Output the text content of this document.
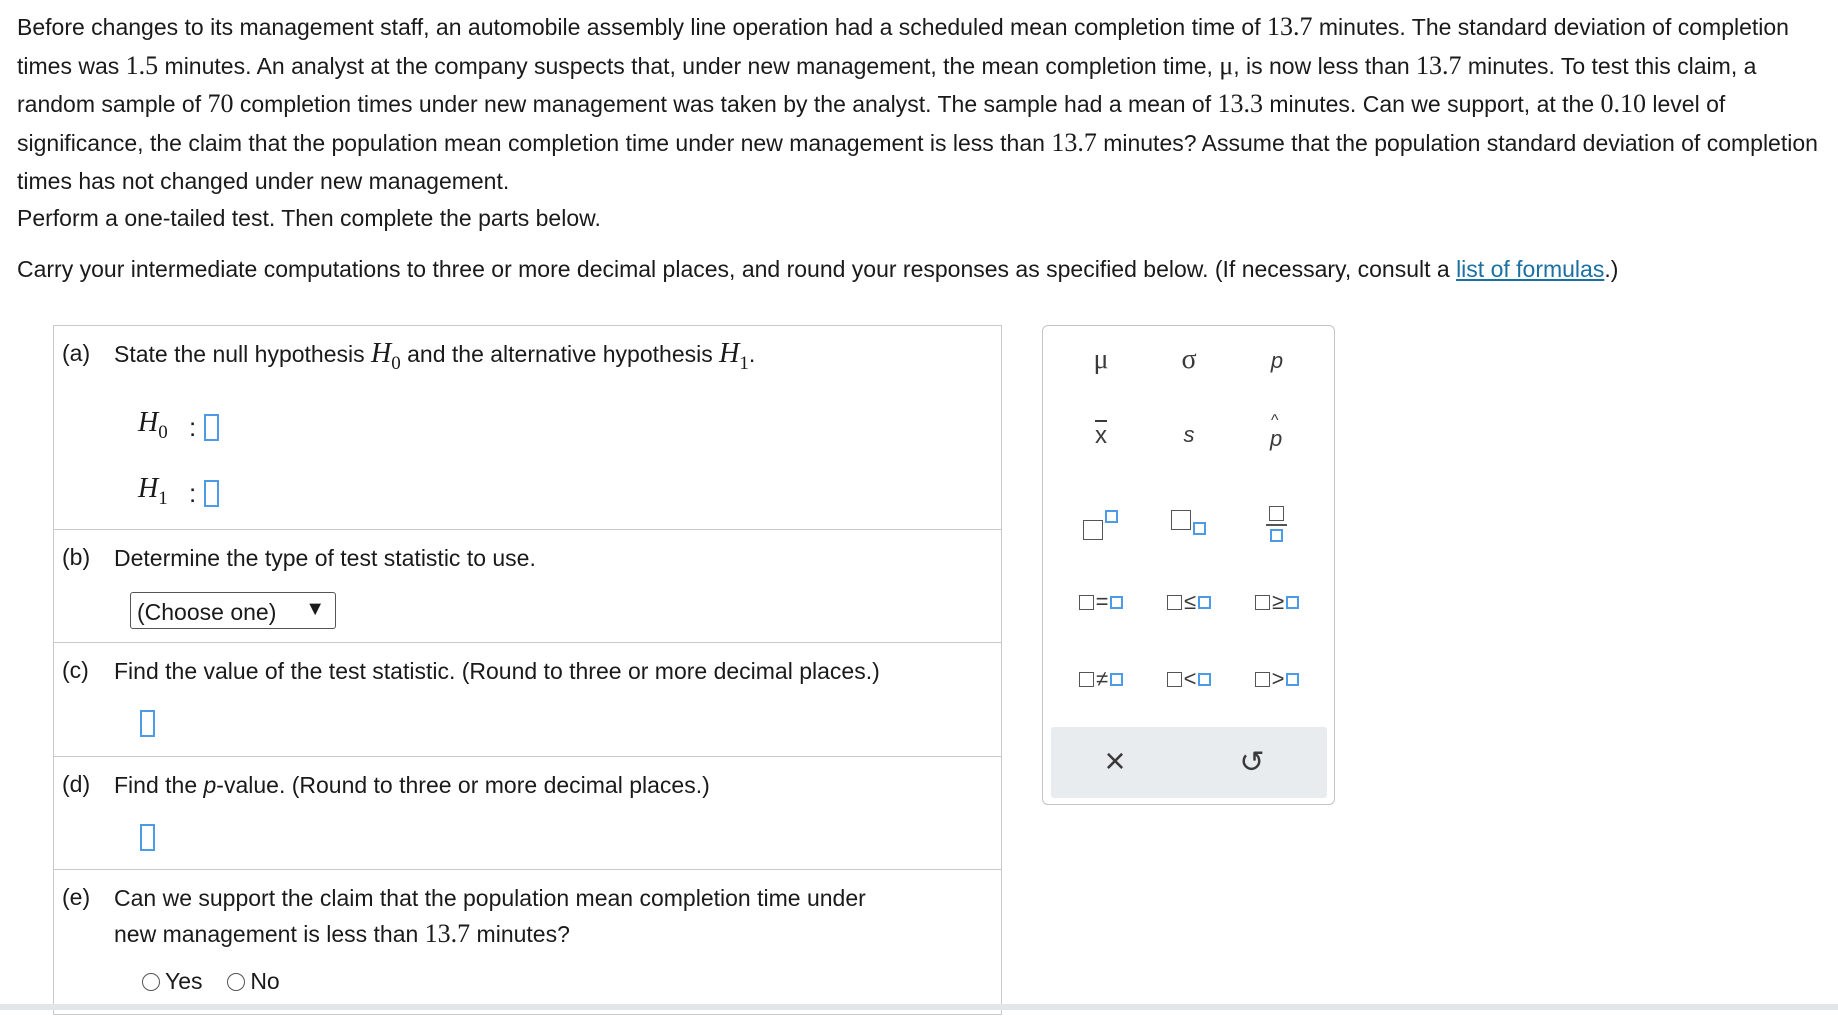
Before changes to its management staff, an automobile assembly line operation had a scheduled mean completion time of 13.7 minutes. The standard deviation of completion times was 1.5 minutes. An analyst at the company suspects that, under new management, the mean completion time, μ, is now less than 13.7 minutes. To test this claim, a random sample of 70 completion times under new management was taken by the analyst. The sample had a mean of 13.3 minutes. Can we support, at the 0.10 level of significance, the claim that the population mean completion time under new management is less than 13.7 minutes? Assume that the population standard deviation of completion times has not changed under new management.
Perform a one-tailed test. Then complete the parts below.
Carry your intermediate computations to three or more decimal places, and round your responses as specified below. (If necessary, consult a list of formulas.)
(a) State the null hypothesis $H_0$ and the alternative hypothesis $H_1$.
$H_0$ :
$H_1$ :
(b) Determine the type of test statistic to use.
(Choose one) ▼
(c) Find the value of the test statistic. (Round to three or more decimal places.)
(d) Find the p-value. (Round to three or more decimal places.)
(e) Can we support the claim that the population mean completion time under
new management is less than 13.7 minutes?
Yes No
μ	σ	p
$\overline{x}$	s
^
p
=	≤	≥
≠	<	>
×	↺
